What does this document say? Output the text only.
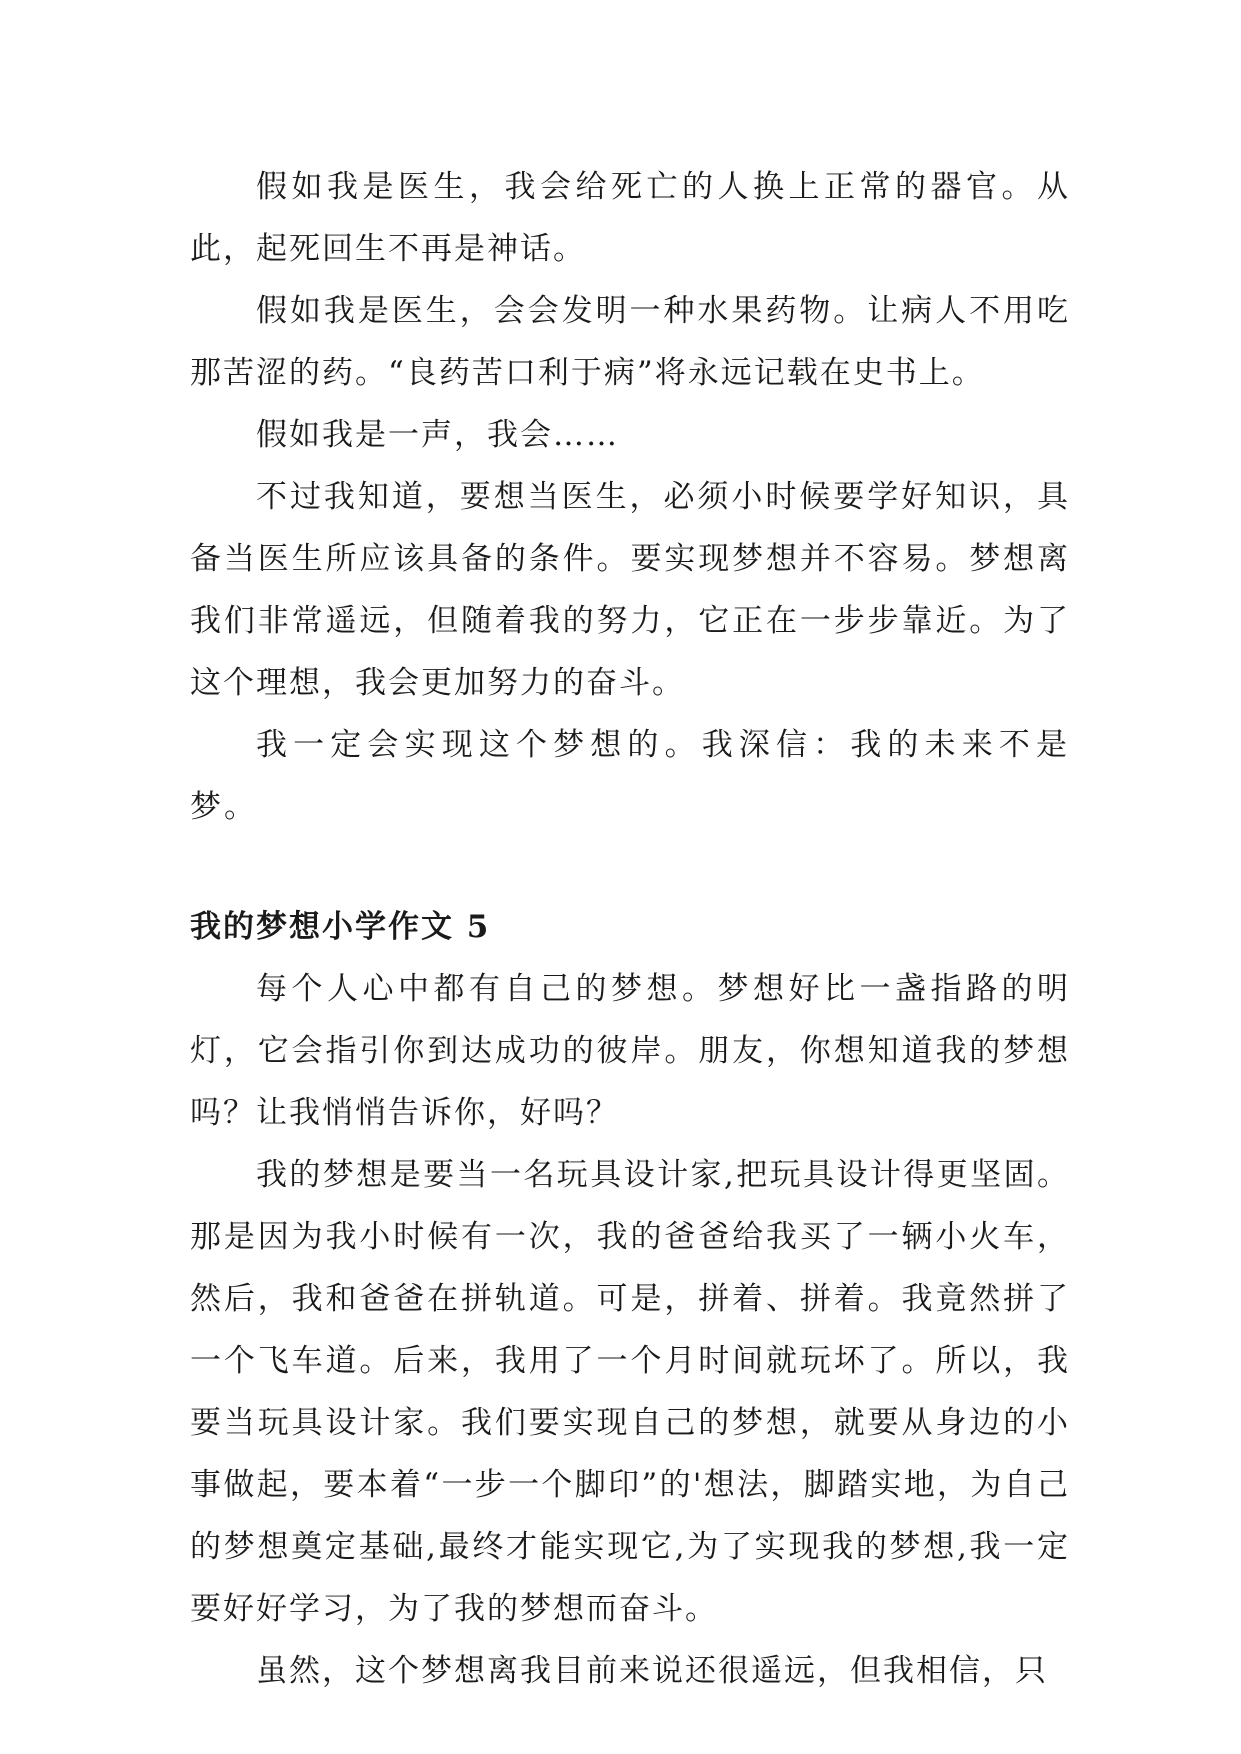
假如我是医生，我会给死亡的人换上正常的器官。从此，起死回生不再是神话。

假如我是医生，会会发明一种水果药物。让病人不用吃那苦涩的药。“良药苦口利于病”将永远记载在史书上。

假如我是一声，我会……

不过我知道，要想当医生，必须小时候要学好知识，具备当医生所应该具备的条件。要实现梦想并不容易。梦想离我们非常遥远，但随着我的努力，它正在一步步靠近。为了这个理想，我会更加努力的奋斗。

我一定会实现这个梦想的。我深信：我的未来不是梦。

我的梦想小学作文 5

每个人心中都有自己的梦想。梦想好比一盏指路的明灯，它会指引你到达成功的彼岸。朋友，你想知道我的梦想吗？让我悄悄告诉你，好吗？

我的梦想是要当一名玩具设计家,把玩具设计得更坚固。那是因为我小时候有一次，我的爸爸给我买了一辆小火车，然后，我和爸爸在拼轨道。可是，拼着、拼着。我竟然拼了一个飞车道。后来，我用了一个月时间就玩坏了。所以，我要当玩具设计家。我们要实现自己的梦想，就要从身边的小事做起，要本着“一步一个脚印”的'想法，脚踏实地，为自己的梦想奠定基础,最终才能实现它,为了实现我的梦想,我一定要好好学习，为了我的梦想而奋斗。

虽然，这个梦想离我目前来说还很遥远，但我相信，只
